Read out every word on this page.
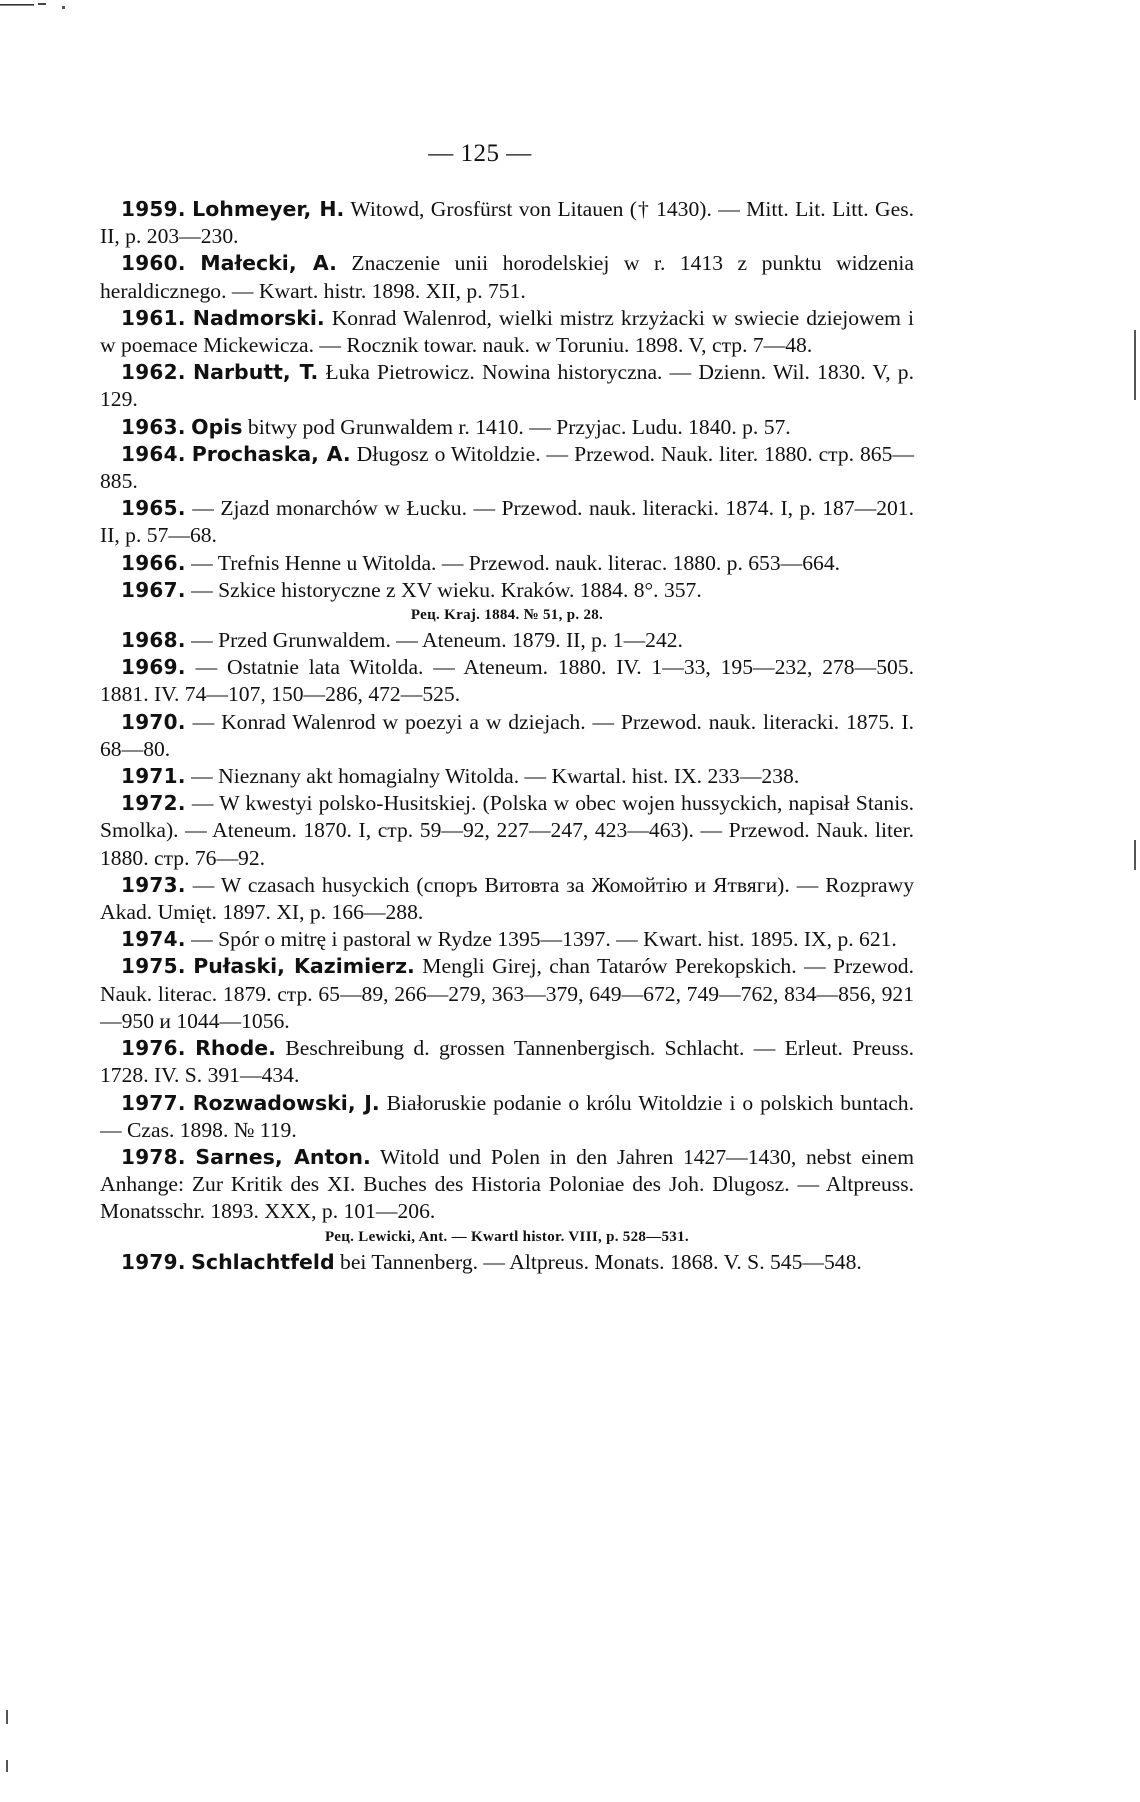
— 125 —

1959. Lohmeyer, H. Witowd, Grosfürst von Litauen († 1430). — Mitt. Lit. Litt. Ges. II, p. 203—230.

1960. Małecki, A. Znaczenie unii horodelskiej w r. 1413 z punktu widzenia heraldicznego. — Kwart. histr. 1898. XII, p. 751.

1961. Nadmorski. Konrad Walenrod, wielki mistrz krzyżacki w swiecie dziejowem i w poemace Mickewicza. — Rocznik towar. nauk. w Toruniu. 1898. V, стр. 7—48.

1962. Narbutt, T. Łuka Pietrowicz. Nowina historyczna. — Dzienn. Wil. 1830. V, p. 129.

1963. Opis bitwy pod Grunwaldem r. 1410. — Przyjac. Ludu. 1840. p. 57.

1964. Prochaska, A. Długosz o Witoldzie. — Przewod. Nauk. liter. 1880. стр. 865—885.

1965. — Zjazd monarchów w Łucku. — Przewod. nauk. literacki. 1874. I, p. 187—201. II, p. 57—68.

1966. — Trefnis Henne u Witolda. — Przewod. nauk. literac. 1880. p. 653—664.

1967. — Szkice historyczne z XV wieku. Kraków. 1884. 8°. 357.

Рец. Kraj. 1884. № 51, p. 28.

1968. — Przed Grunwaldem. — Ateneum. 1879. II, p. 1—242.

1969. — Ostatnie lata Witolda. — Ateneum. 1880. IV. 1—33, 195—232, 278—505. 1881. IV. 74—107, 150—286, 472—525.

1970. — Konrad Walenrod w poezyi a w dziejach. — Przewod. nauk. literacki. 1875. I. 68—80.

1971. — Nieznany akt homagialny Witolda. — Kwartal. hist. IX. 233—238.

1972. — W kwestyi polsko-Husitskiej. (Polska w obec wojen hussyckich, napisał Stanis. Smolka). — Ateneum. 1870. I, стр. 59—92, 227—247, 423—463). — Przewod. Nauk. liter. 1880. стр. 76—92.

1973. — W czasach husyckich (споръ Витовта за Жомойтiю и Ятвяги). — Rozprawy Akad. Umięt. 1897. XI, p. 166—288.

1974. — Spór o mitrę i pastoral w Rydze 1395—1397. — Kwart. hist. 1895. IX, p. 621.

1975. Pułaski, Kazimierz. Mengli Girej, chan Tatarów Perekopskich. — Przewod. Nauk. literac. 1879. стр. 65—89, 266—279, 363—379, 649—672, 749—762, 834—856, 921—950 и 1044—1056.

1976. Rhode. Beschreibung d. grossen Tannenbergisch. Schlacht. — Erleut. Preuss. 1728. IV. S. 391—434.

1977. Rozwadowski, J. Białoruskie podanie o królu Witoldzie i o polskich buntach. — Czas. 1898. № 119.

1978. Sarnes, Anton. Witold und Polen in den Jahren 1427—1430, nebst einem Anhange: Zur Kritik des XI. Buches des Historia Poloniae des Joh. Dlugosz. — Altpreuss. Monatsschr. 1893. XXX, p. 101—206.

Рец. Lewicki, Ant. — Kwartl histor. VIII, p. 528—531.

1979. Schlachtfeld bei Tannenberg. — Altpreus. Monats. 1868. V. S. 545—548.
